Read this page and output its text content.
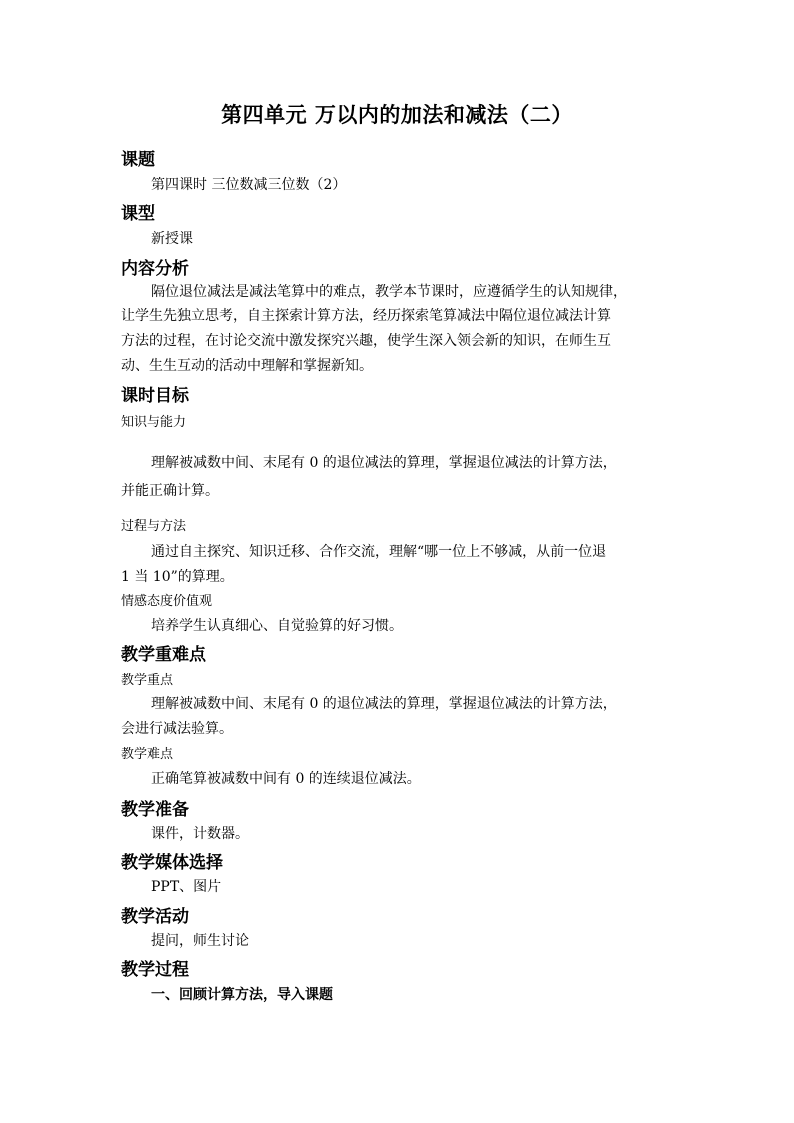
第四单元 万以内的加法和减法（二）
课题
第四课时 三位数减三位数（2）
课型
新授课
内容分析
隔位退位减法是减法笔算中的难点，教学本节课时，应遵循学生的认知规律，
让学生先独立思考，自主探索计算方法，经历探索笔算减法中隔位退位减法计算
方法的过程，在讨论交流中激发探究兴趣，使学生深入领会新的知识，在师生互
动、生生互动的活动中理解和掌握新知。
课时目标
知识与能力
理解被减数中间、末尾有 0 的退位减法的算理，掌握退位减法的计算方法，
并能正确计算。
过程与方法
通过自主探究、知识迁移、合作交流，理解“哪一位上不够减，从前一位退
1 当 10”的算理。
情感态度价值观
培养学生认真细心、自觉验算的好习惯。
教学重难点
教学重点
理解被减数中间、末尾有 0 的退位减法的算理，掌握退位减法的计算方法，
会进行减法验算。
教学难点
正确笔算被减数中间有 0 的连续退位减法。
教学准备
课件，计数器。
教学媒体选择
PPT、图片
教学活动
提问，师生讨论
教学过程
一、回顾计算方法，导入课题
